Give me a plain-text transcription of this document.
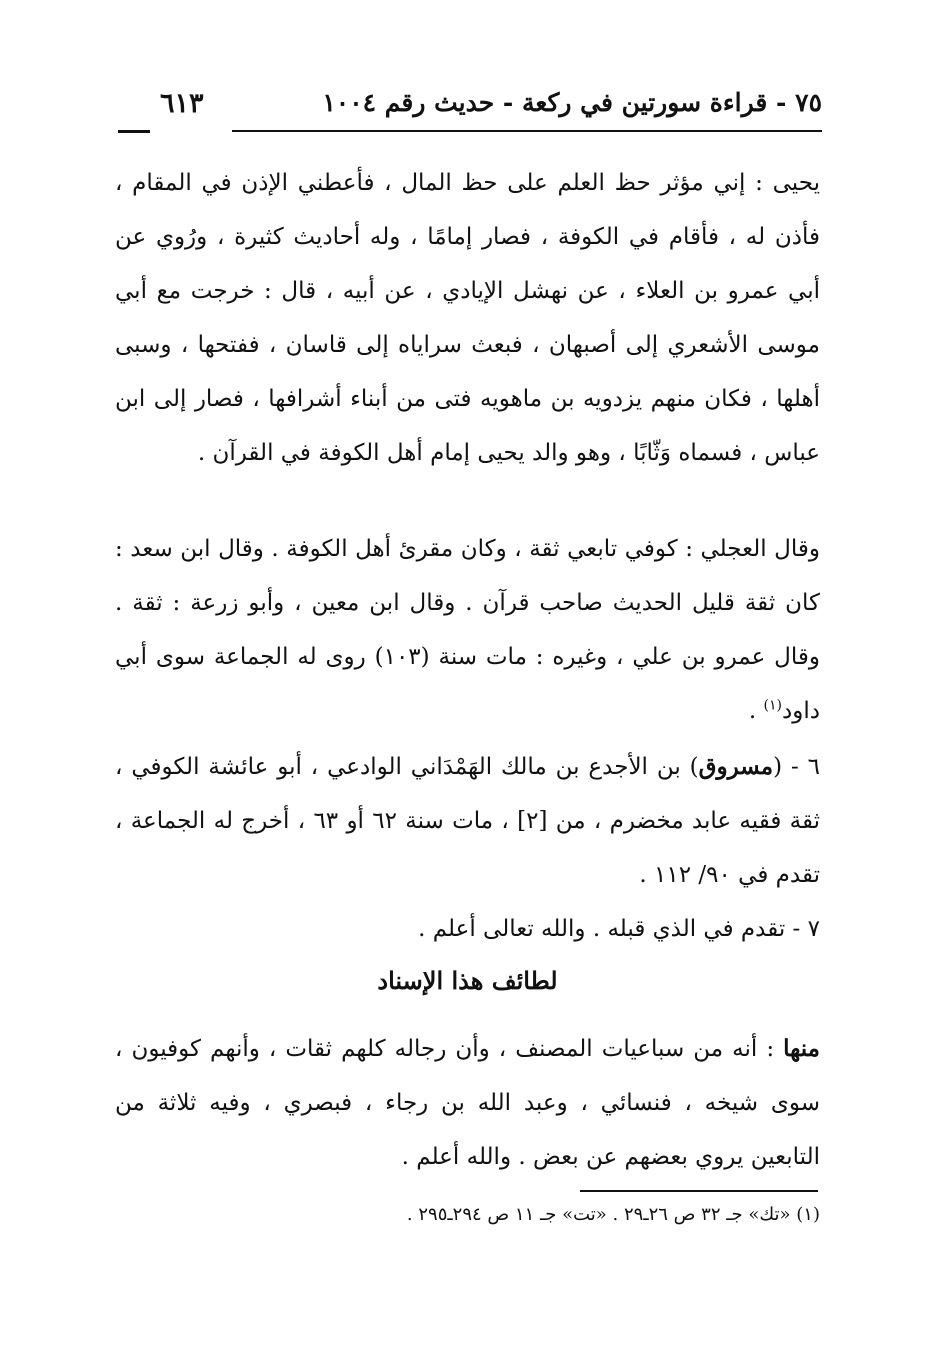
٧٥ - قراءة سورتين في ركعة - حديث رقم ١٠٠٤
٦١٣

يحيى : إني مؤثر حظ العلم على حظ المال ، فأعطني الإذن في المقام ، فأذن له ، فأقام في الكوفة ، فصار إمامًا ، وله أحاديث كثيرة ، ورُوي عن أبي عمرو بن العلاء ، عن نهشل الإيادي ، عن أبيه ، قال : خرجت مع أبي موسى الأشعري إلى أصبهان ، فبعث سراياه إلى قاسان ، ففتحها ، وسبى أهلها ، فكان منهم يزدويه بن ماهويه فتى من أبناء أشرافها ، فصار إلى ابن عباس ، فسماه وَثّابًا ، وهو والد يحيى إمام أهل الكوفة في القرآن .

وقال العجلي : كوفي تابعي ثقة ، وكان مقرئ أهل الكوفة . وقال ابن سعد : كان ثقة قليل الحديث صاحب قرآن . وقال ابن معين ، وأبو زرعة : ثقة . وقال عمرو بن علي ، وغيره : مات سنة (١٠٣) روى له الجماعة سوى أبي داود$^{(١)}$ .

٦ - (مسروق) بن الأجدع بن مالك الهَمْدَاني الوادعي ، أبو عائشة الكوفي ، ثقة فقيه عابد مخضرم ، من [٢] ، مات سنة ٦٢ أو ٦٣ ، أخرج له الجماعة ، تقدم في ٩٠/ ١١٢ .

٧ - تقدم في الذي قبله . والله تعالى أعلم .

لطائف هذا الإسناد

منها : أنه من سباعيات المصنف ، وأن رجاله كلهم ثقات ، وأنهم كوفيون ، سوى شيخه ، فنسائي ، وعبد الله بن رجاء ، فبصري ، وفيه ثلاثة من التابعين يروي بعضهم عن بعض . والله أعلم .

(١) «تك» جـ ٣٢ ص ٢٦ـ٢٩ . «تت» جـ ١١ ص ٢٩٤ـ٢٩٥ .
